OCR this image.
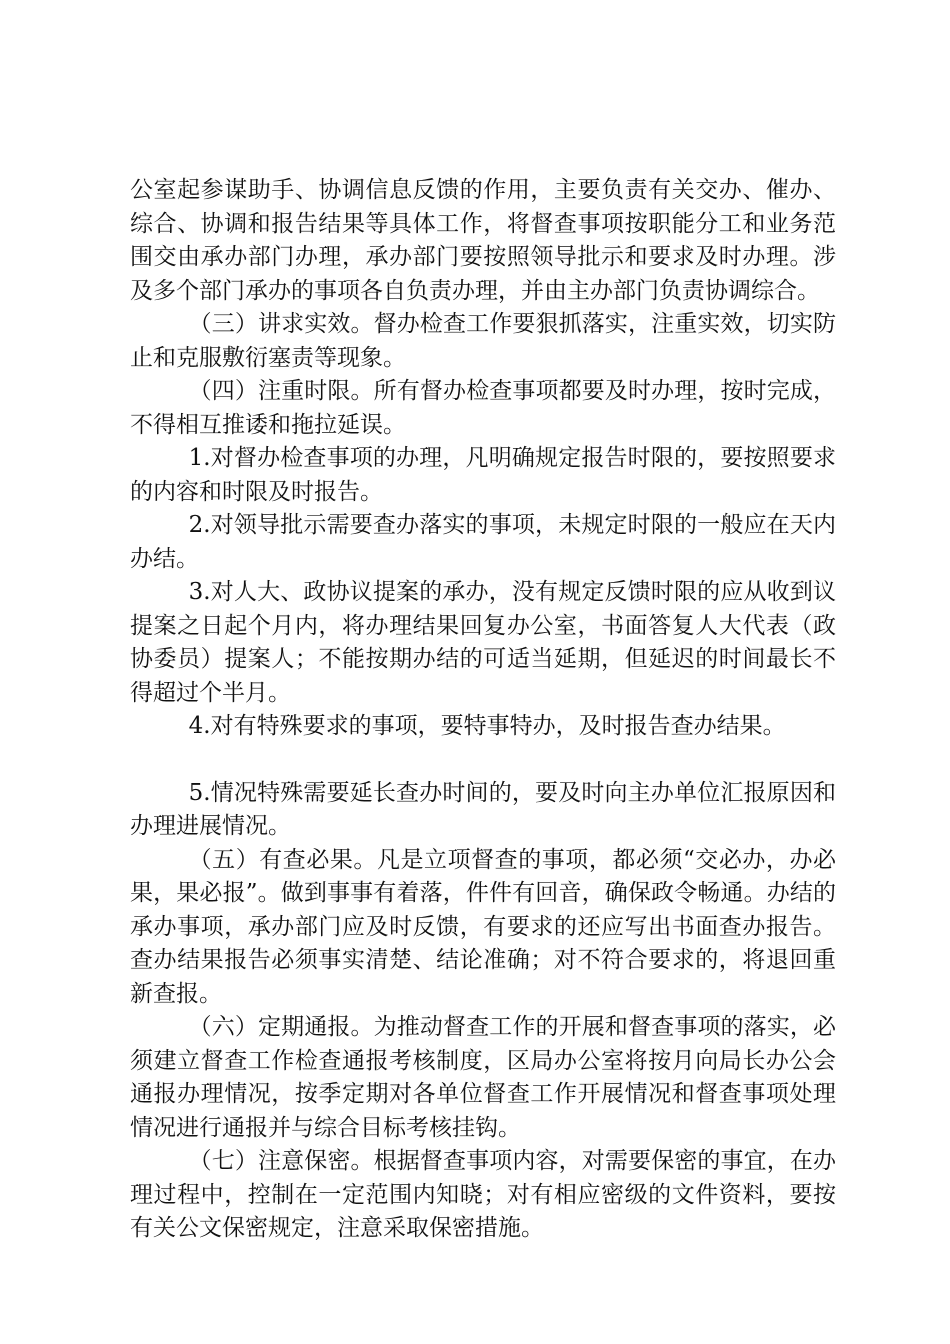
公室起参谋助手、协调信息反馈的作用，主要负责有关交办、催办、综合、协调和报告结果等具体工作，将督查事项按职能分工和业务范围交由承办部门办理，承办部门要按照领导批示和要求及时办理。涉及多个部门承办的事项各自负责办理，并由主办部门负责协调综合。

（三）讲求实效。督办检查工作要狠抓落实，注重实效，切实防止和克服敷衍塞责等现象。

（四）注重时限。所有督办检查事项都要及时办理，按时完成，不得相互推诿和拖拉延误。

1.对督办检查事项的办理，凡明确规定报告时限的，要按照要求的内容和时限及时报告。

2.对领导批示需要查办落实的事项，未规定时限的一般应在天内办结。

3.对人大、政协议提案的承办，没有规定反馈时限的应从收到议提案之日起个月内，将办理结果回复办公室，书面答复人大代表（政协委员）提案人；不能按期办结的可适当延期，但延迟的时间最长不得超过个半月。

4.对有特殊要求的事项，要特事特办，及时报告查办结果。

5.情况特殊需要延长查办时间的，要及时向主办单位汇报原因和办理进展情况。

（五）有查必果。凡是立项督查的事项，都必须“交必办，办必果，果必报”。做到事事有着落，件件有回音，确保政令畅通。办结的承办事项，承办部门应及时反馈，有要求的还应写出书面查办报告。查办结果报告必须事实清楚、结论准确；对不符合要求的，将退回重新查报。

（六）定期通报。为推动督查工作的开展和督查事项的落实，必须建立督查工作检查通报考核制度，区局办公室将按月向局长办公会通报办理情况，按季定期对各单位督查工作开展情况和督查事项处理情况进行通报并与综合目标考核挂钩。

（七）注意保密。根据督查事项内容，对需要保密的事宜，在办理过程中，控制在一定范围内知晓；对有相应密级的文件资料，要按有关公文保密规定，注意采取保密措施。
